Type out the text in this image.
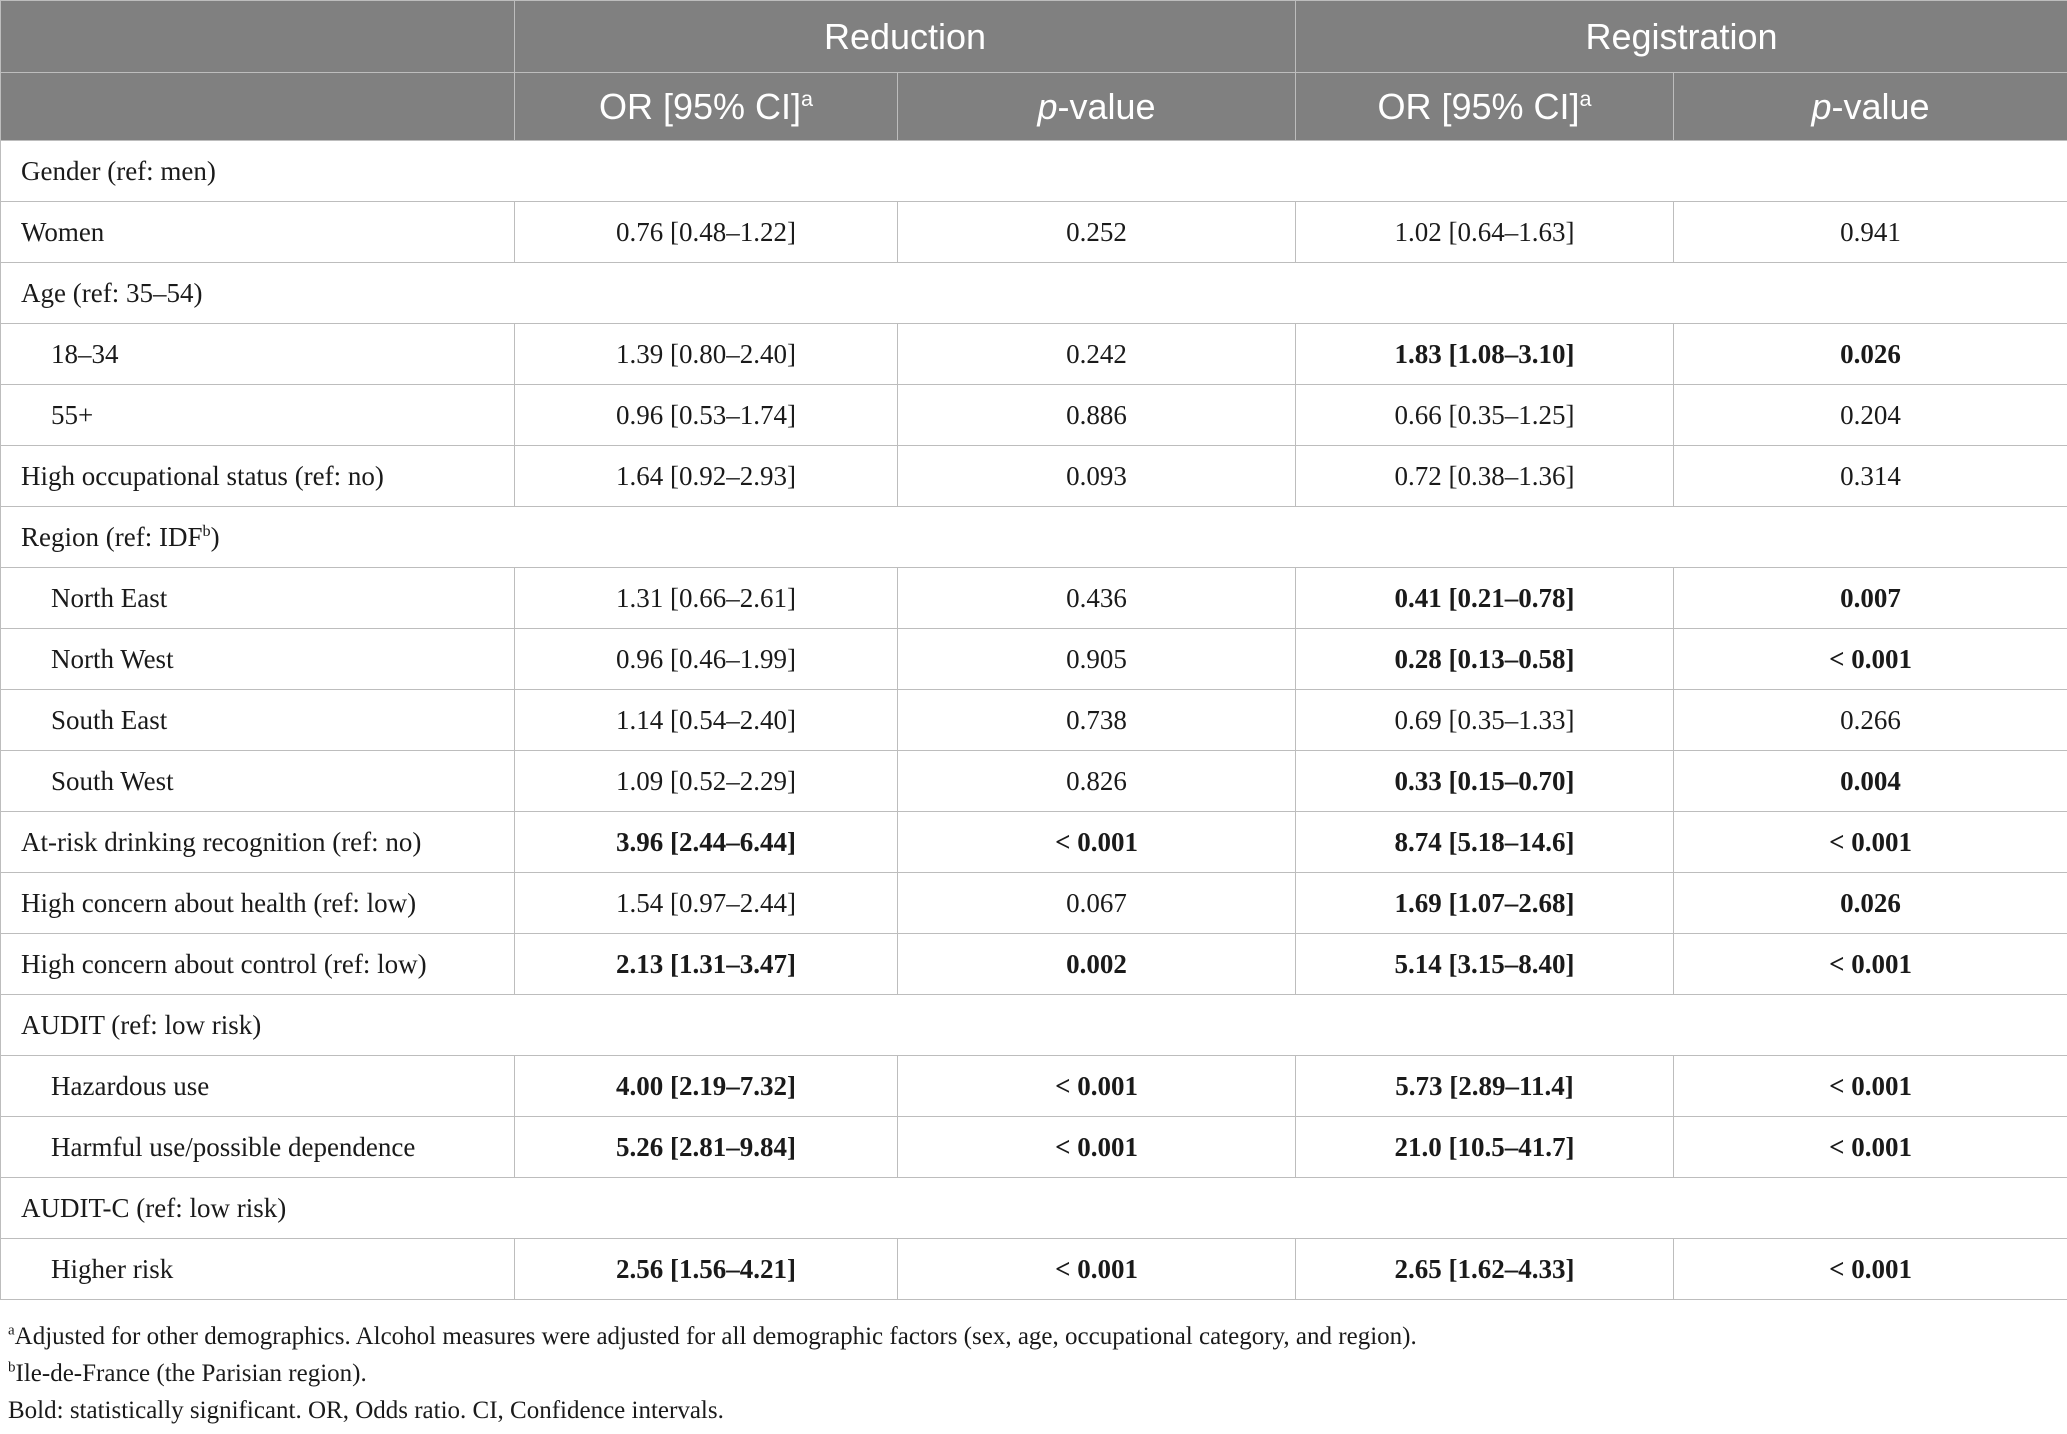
	Reduction		Registration	
	OR [95% CI]$^a$	p-value	OR [95% CI]$^a$	p-value
Gender (ref: men)				
Women	0.76 [0.48–1.22]	0.252	1.02 [0.64–1.63]	0.941
Age (ref: 35–54)				
18–34	1.39 [0.80–2.40]	0.242	1.83 [1.08–3.10]	0.026
55+	0.96 [0.53–1.74]	0.886	0.66 [0.35–1.25]	0.204
High occupational status (ref: no)	1.64 [0.92–2.93]	0.093	0.72 [0.38–1.36]	0.314
Region (ref: IDF$^b$)				
North East	1.31 [0.66–2.61]	0.436	0.41 [0.21–0.78]	0.007
North West	0.96 [0.46–1.99]	0.905	0.28 [0.13–0.58]	< 0.001
South East	1.14 [0.54–2.40]	0.738	0.69 [0.35–1.33]	0.266
South West	1.09 [0.52–2.29]	0.826	0.33 [0.15–0.70]	0.004
At-risk drinking recognition (ref: no)	3.96 [2.44–6.44]	< 0.001	8.74 [5.18–14.6]	< 0.001
High concern about health (ref: low)	1.54 [0.97–2.44]	0.067	1.69 [1.07–2.68]	0.026
High concern about control (ref: low)	2.13 [1.31–3.47]	0.002	5.14 [3.15–8.40]	< 0.001
AUDIT (ref: low risk)				
Hazardous use	4.00 [2.19–7.32]	< 0.001	5.73 [2.89–11.4]	< 0.001
Harmful use/possible dependence	5.26 [2.81–9.84]	< 0.001	21.0 [10.5–41.7]	< 0.001
AUDIT-C (ref: low risk)				
Higher risk	2.56 [1.56–4.21]	< 0.001	2.65 [1.62–4.33]	< 0.001
$^a$Adjusted for other demographics. Alcohol measures were adjusted for all demographic factors (sex, age, occupational category, and region).
$^b$Ile-de-France (the Parisian region).
Bold: statistically significant. OR, Odds ratio. CI, Confidence intervals.
